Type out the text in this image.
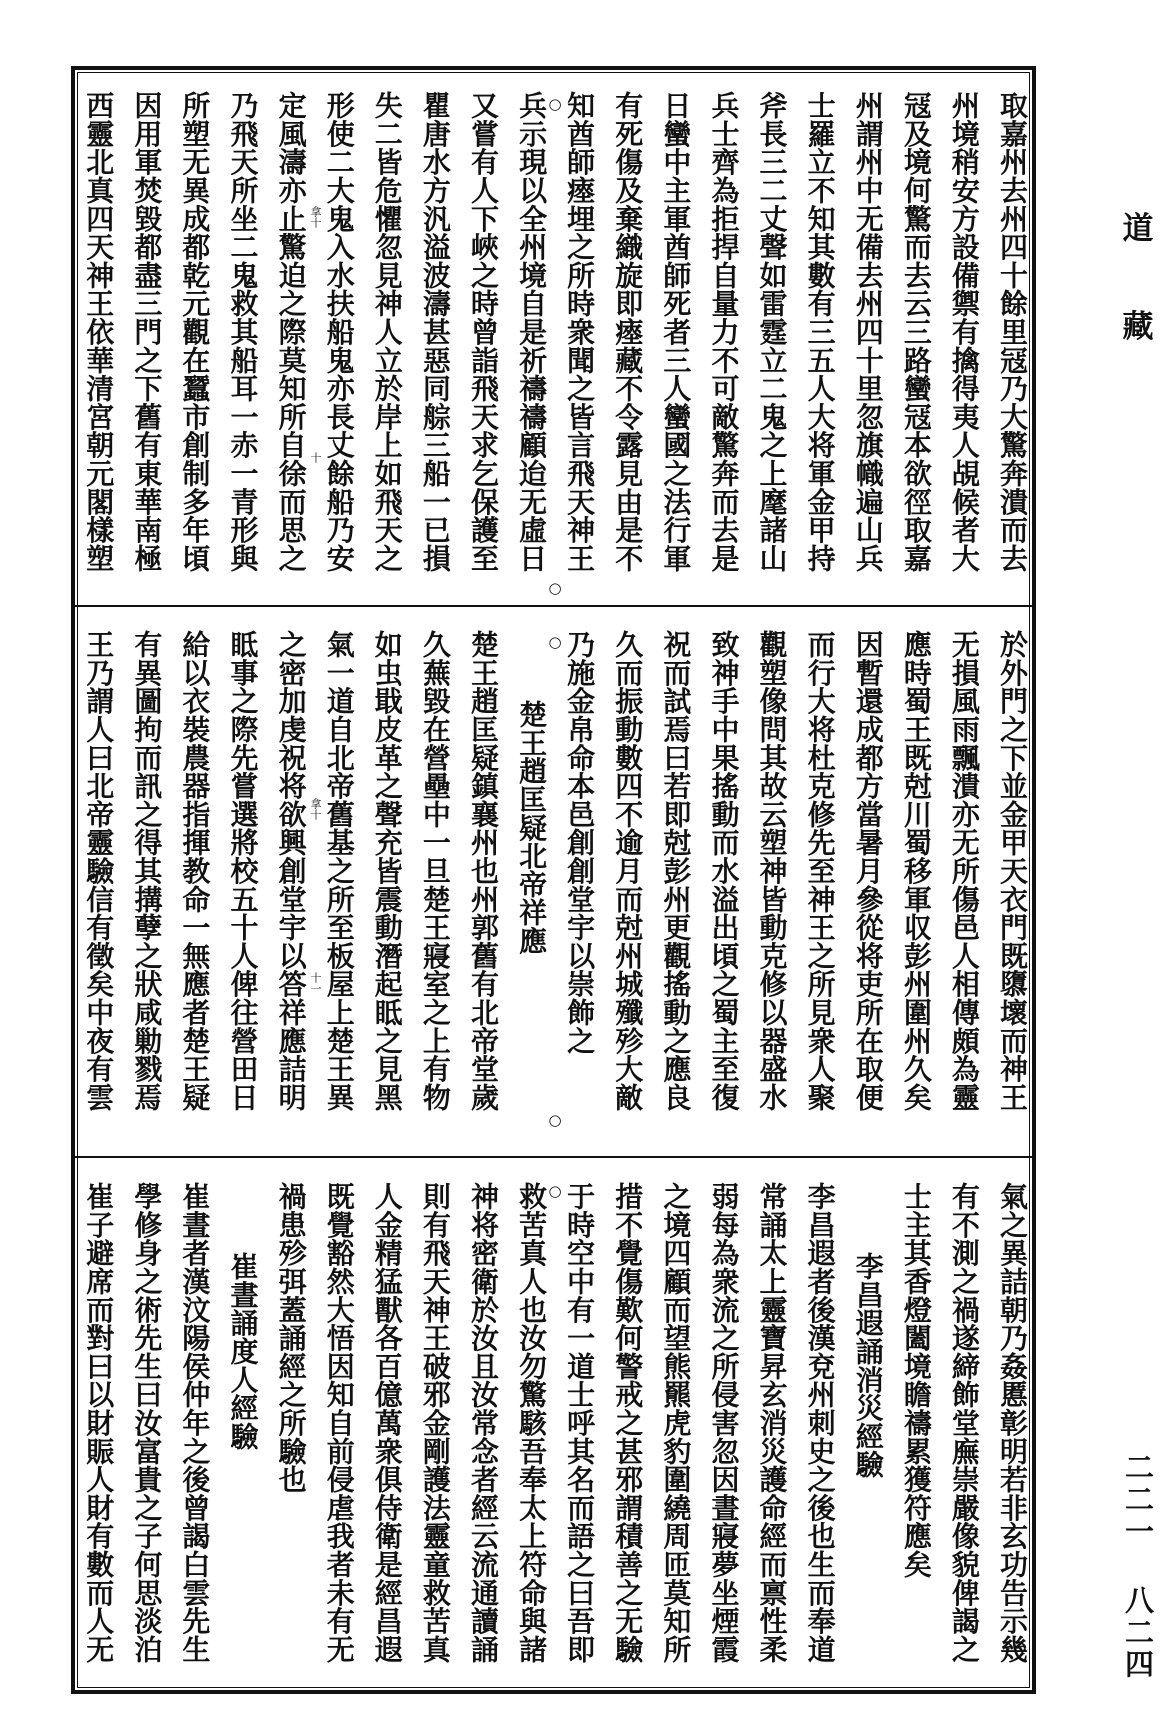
取嘉州去州四十餘里冦乃大驚奔潰而去
州境稍安方設備禦有擒得夷人覘候者大
冦及境何驚而去云三路蠻冦本欲徑取嘉
州謂州中无備去州四十里忽旗幟遍山兵
士羅立不知其數有三五人大将軍金甲持
斧長三二丈聲如雷霆立二鬼之上麾諸山
兵士齊為拒捍自量力不可敵驚奔而去是
日蠻中主軍酋師死者三人蠻國之法行軍
有死傷及棄織旋即瘞藏不令露見由是不
知酋師瘞埋之所時衆聞之皆言飛天神王
兵示現以全州境自是祈禱禱顧迨无虛日
又嘗有人下峽之時曾詣飛天求乞保護至
瞿唐水方汎溢波濤甚惡同䑸三船一已損
失二皆危懼忽見神人立於岸上如飛天之
形使二大鬼入水扶船鬼亦長丈餘船乃安
定風濤亦止驚迫之際莫知所自徐而思之
乃飛天所坐二鬼救其船耳一赤一青形與
所塑无異成都乾元觀在蠶市創制多年頃
因用軍焚毀都盡三門之下舊有東華南極
西靈北真四天神王依華清宮朝元閣樣塑
於外門之下並金甲天衣門既隳壞而神王
无損風雨飄潰亦无所傷邑人相傳頗為靈
應時蜀王既尅川蜀移軍収彭州圍州久矣
因暫還成都方當暑月參從将吏所在取便
而行大将杜克修先至神王之所見衆人聚
觀塑像問其故云塑神皆動克修以器盛水
致神手中果搖動而水溢出頃之蜀主至復
祝而試焉曰若即尅彭州更觀搖動之應良
久而振動數四不逾月而尅州城殲殄大敵
乃施金帛命本邑創創堂宇以崇飾之
楚王趙匡疑北帝祥應
楚王趙匡疑鎮襄州也州郭舊有北帝堂歲
久蕪毀在營壘中一旦楚王寢室之上有物
如虫戢皮革之聲充皆震動潛起眡之見黑
氣一道自北帝舊基之所至板屋上楚王異
之密加虔祝将欲興創堂宇以答祥應詰明
眡事之際先嘗選將校五十人俾往營田日
給以衣裝農器指揮教命一無應者楚王疑
有異圖拘而訊之得其搆孽之狀咸勦戮焉
王乃謂人曰北帝靈驗信有徵矣中夜有雲
氣之異詰朝乃姦慝彰明若非玄功告示幾
有不測之禍遂締飾堂廡崇嚴像貌俾謁之
士主其香燈闔境瞻禱累獲符應矣
李昌遐誦消災經驗
李昌遐者後漢兗州刺史之後也生而奉道
常誦太上靈寶昇玄消災護命經而禀性柔
弱每為衆流之所侵害忽因晝寢夢坐煙霞
之境四顧而望熊羆虎豹圍繞周匝莫知所
措不覺傷歎何警戒之甚邪謂積善之无驗
于時空中有一道士呼其名而語之曰吾即
救苦真人也汝勿驚駭吾奉太上符命與諸
神将密衛於汝且汝常念者經云流通讀誦
則有飛天神王破邪金剛護法靈童救苦真
人金精猛獸各百億萬衆俱侍衛是經昌遐
既覺豁然大悟因知自前侵虐我者未有无
禍患殄弭蓋誦經之所驗也
崔晝誦度人經驗
崔晝者漢汶陽侯仲年之後曾謁白雲先生
學修身之術先生曰汝富貴之子何思淡泊
崔子避席而對曰以財賑人財有數而人无
○
○
○
○
○
拿十
十
拿十
十一
道
藏
二二一 八二四
